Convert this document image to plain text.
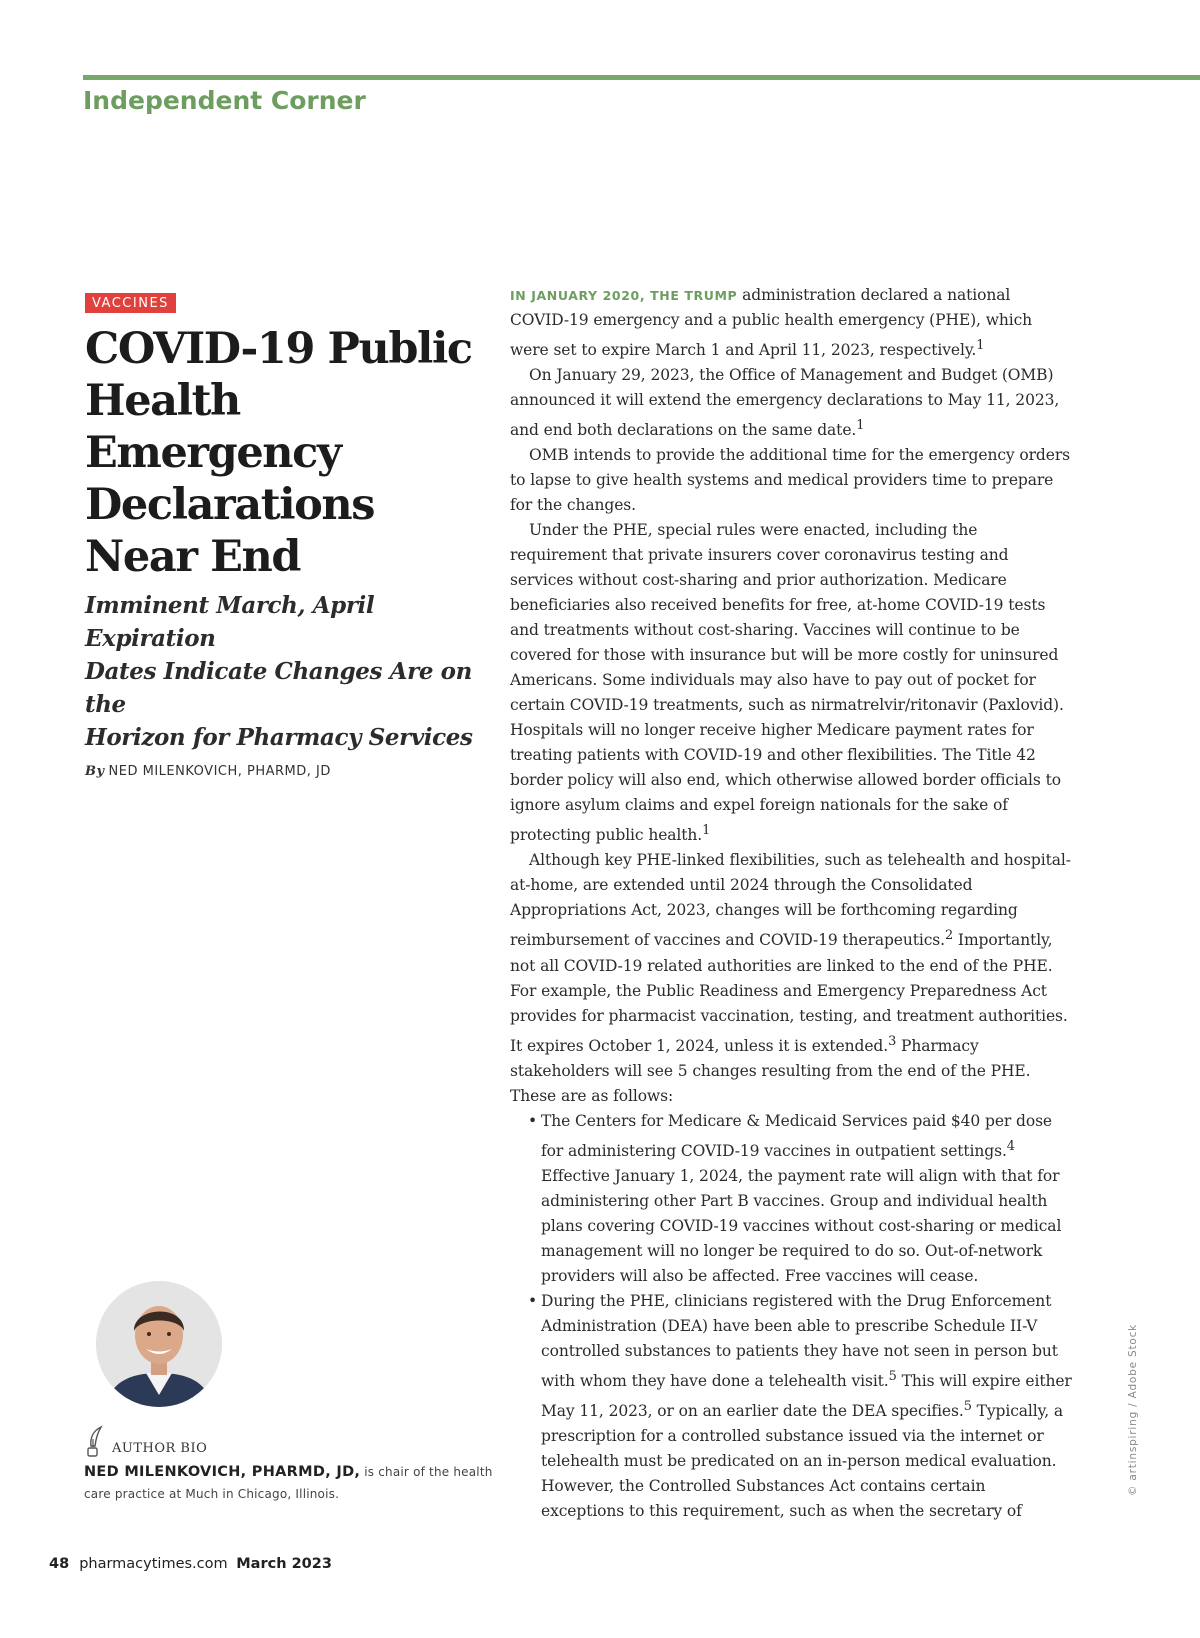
Independent Corner
VACCINES
COVID-19 Public
Health Emergency
Declarations
Near End
Imminent March, April Expiration
Dates Indicate Changes Are on the
Horizon for Pharmacy Services
By NED MILENKOVICH, PHARMD, JD
AUTHOR BIO
NED MILENKOVICH, PHARMD, JD, is chair of the health care practice at Much in Chicago, Illinois.

IN JANUARY 2020, THE TRUMP administration declared a national COVID-19 emergency and a public health emergency (PHE), which were set to expire March 1 and April 11, 2023, respectively.$^1$

On January 29, 2023, the Office of Management and Budget (OMB) announced it will extend the emergency declarations to May 11, 2023, and end both declarations on the same date.$^1$

OMB intends to provide the additional time for the emergency orders to lapse to give health systems and medical providers time to prepare for the changes.

Under the PHE, special rules were enacted, including the requirement that private insurers cover coronavirus testing and services without cost-sharing and prior authorization. Medicare beneficiaries also received benefits for free, at-home COVID-19 tests and treatments without cost-sharing. Vaccines will continue to be covered for those with insurance but will be more costly for uninsured Americans. Some individuals may also have to pay out of pocket for certain COVID-19 treatments, such as nirmatrelvir/ritonavir (Paxlovid). Hospitals will no longer receive higher Medicare payment rates for treating patients with COVID-19 and other flexibilities. The Title 42 border policy will also end, which otherwise allowed border officials to ignore asylum claims and expel foreign nationals for the sake of protecting public health.$^1$

Although key PHE-linked flexibilities, such as telehealth and hospital-at-home, are extended until 2024 through the Consolidated Appropriations Act, 2023, changes will be forthcoming regarding reimbursement of vaccines and COVID-19 therapeutics.$^2$ Importantly, not all COVID-19 related authorities are linked to the end of the PHE. For example, the Public Readiness and Emergency Preparedness Act provides for pharmacist vaccination, testing, and treatment authorities. It expires October 1, 2024, unless it is extended.$^3$ Pharmacy stakeholders will see 5 changes resulting from the end of the PHE. These are as follows:

• The Centers for Medicare & Medicaid Services paid $40 per dose for administering COVID-19 vaccines in outpatient settings.$^4$ Effective January 1, 2024, the payment rate will align with that for administering other Part B vaccines. Group and individual health plans covering COVID-19 vaccines without cost-sharing or medical management will no longer be required to do so. Out-of-network providers will also be affected. Free vaccines will cease.
• During the PHE, clinicians registered with the Drug Enforcement Administration (DEA) have been able to prescribe Schedule II-V controlled substances to patients they have not seen in person but with whom they have done a telehealth visit.$^5$ This will expire either May 11, 2023, or on an earlier date the DEA specifies.$^5$ Typically, a prescription for a controlled substance issued via the internet or telehealth must be predicated on an in-person medical evaluation. However, the Controlled Substances Act contains certain exceptions to this requirement, such as when the secretary of
© artinspiring / Adobe Stock
48 pharmacytimes.com March 2023
